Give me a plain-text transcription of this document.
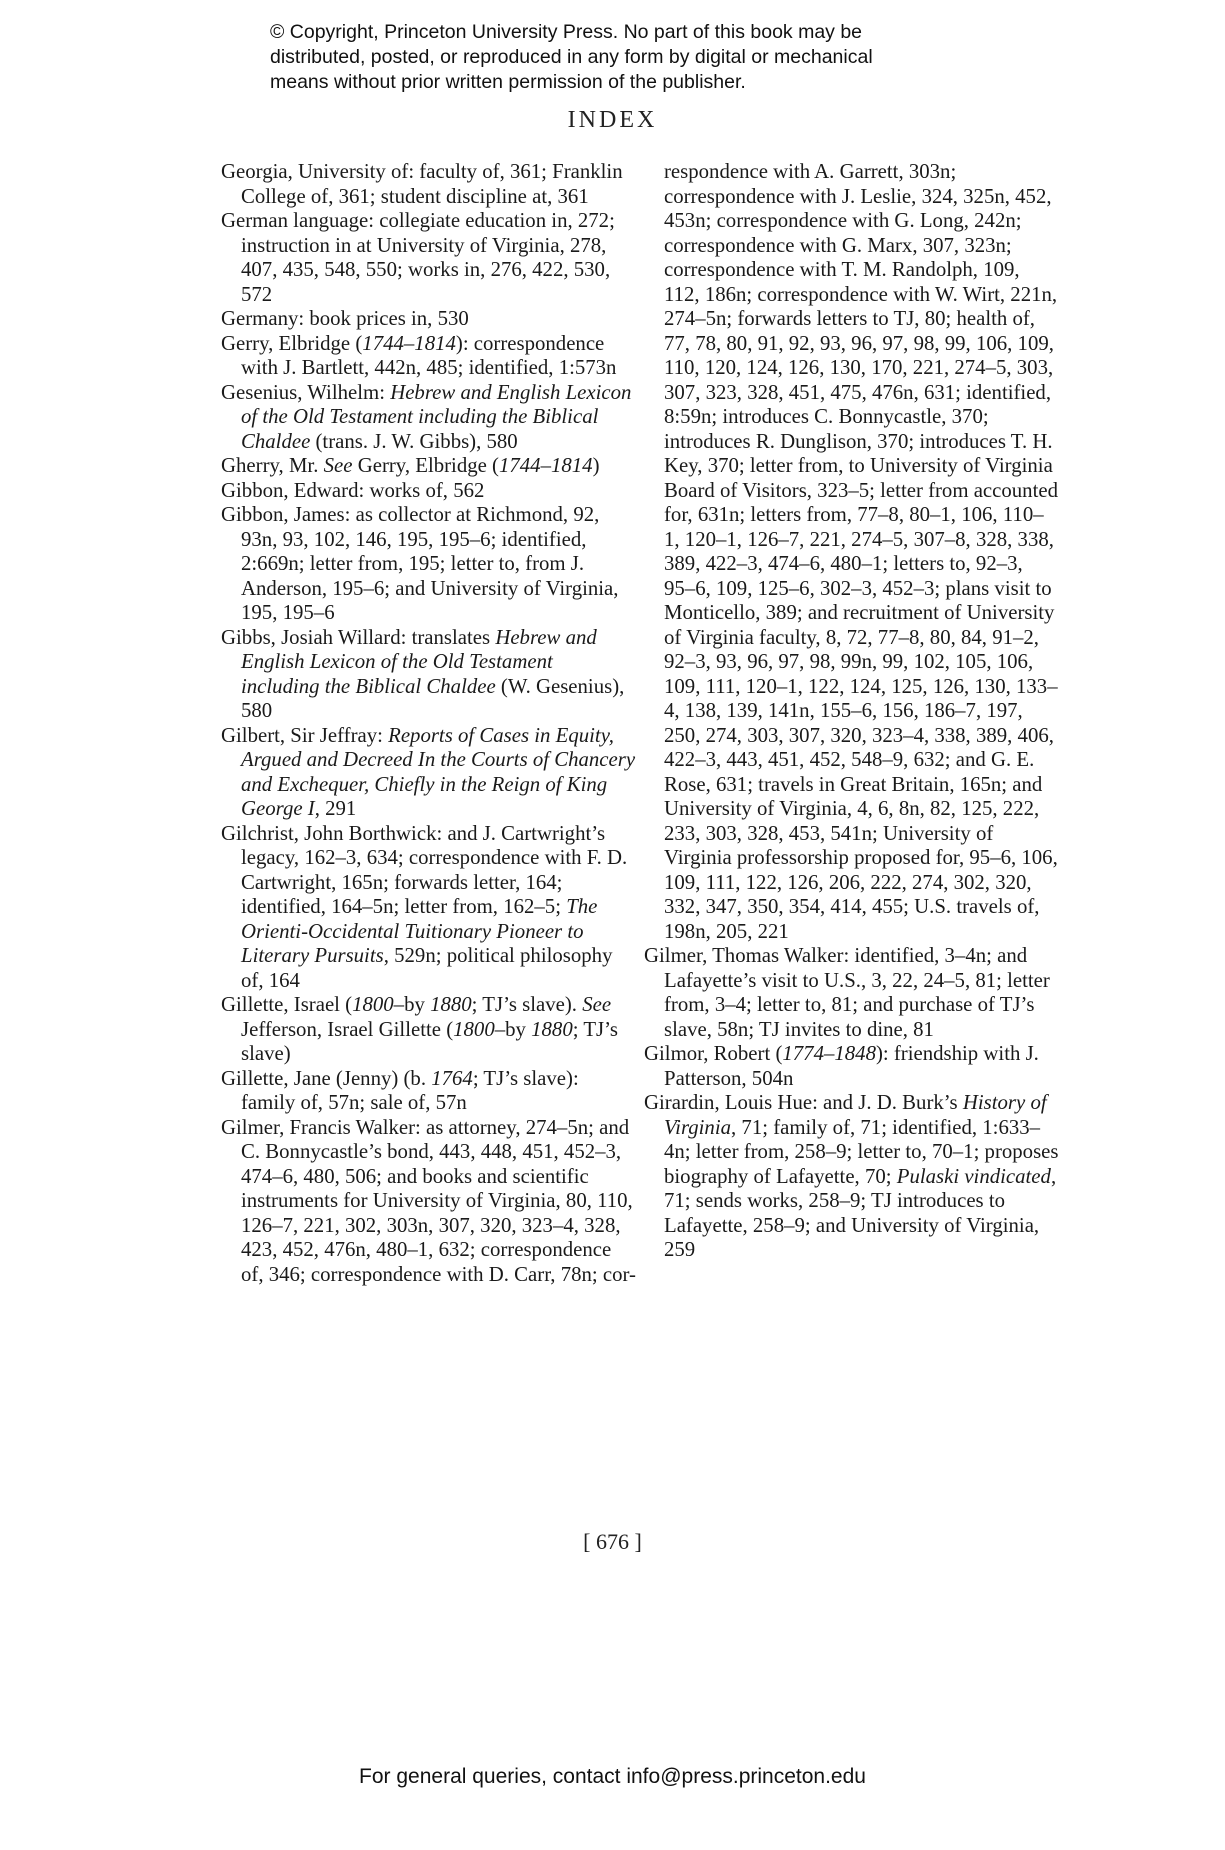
© Copyright, Princeton University Press. No part of this book may be
distributed, posted, or reproduced in any form by digital or mechanical
means without prior written permission of the publisher.
INDEX

Georgia, University of: faculty of, 361; Franklin College of, 361; student discipline at, 361

German language: collegiate education in, 272; instruction in at University of Virginia, 278, 407, 435, 548, 550; works in, 276, 422, 530, 572

Germany: book prices in, 530

Gerry, Elbridge (1744–1814): correspondence with J. Bartlett, 442n, 485; identified, 1:573n

Gesenius, Wilhelm: Hebrew and English Lexicon of the Old Testament including the Biblical Chaldee (trans. J. W. Gibbs), 580

Gherry, Mr. See Gerry, Elbridge (1744–1814)

Gibbon, Edward: works of, 562

Gibbon, James: as collector at Richmond, 92, 93n, 93, 102, 146, 195, 195–6; identified, 2:669n; letter from, 195; letter to, from J. Anderson, 195–6; and University of Virginia, 195, 195–6

Gibbs, Josiah Willard: translates Hebrew and English Lexicon of the Old Testament including the Biblical Chaldee (W. Gesenius), 580

Gilbert, Sir Jeffray: Reports of Cases in Equity, Argued and Decreed In the Courts of Chancery and Exchequer, Chiefly in the Reign of King George I, 291

Gilchrist, John Borthwick: and J. Cartwright’s legacy, 162–3, 634; correspondence with F. D. Cartwright, 165n; forwards letter, 164; identified, 164–5n; letter from, 162–5; The Orienti-Occidental Tuitionary Pioneer to Literary Pursuits, 529n; political philosophy of, 164

Gillette, Israel (1800–by 1880; TJ’s slave). See Jefferson, Israel Gillette (1800–by 1880; TJ’s slave)

Gillette, Jane (Jenny) (b. 1764; TJ’s slave): family of, 57n; sale of, 57n

Gilmer, Francis Walker: as attorney, 274–5n; and C. Bonnycastle’s bond, 443, 448, 451, 452–3, 474–6, 480, 506; and books and scientific instruments for University of Virginia, 80, 110, 126–7, 221, 302, 303n, 307, 320, 323–4, 328, 423, 452, 476n, 480–1, 632; correspondence of, 346; correspondence with D. Carr, 78n; cor-

respondence with A. Garrett, 303n; correspondence with J. Leslie, 324, 325n, 452, 453n; correspondence with G. Long, 242n; correspondence with G. Marx, 307, 323n; correspondence with T. M. Randolph, 109, 112, 186n; correspondence with W. Wirt, 221n, 274–5n; forwards letters to TJ, 80; health of, 77, 78, 80, 91, 92, 93, 96, 97, 98, 99, 106, 109, 110, 120, 124, 126, 130, 170, 221, 274–5, 303, 307, 323, 328, 451, 475, 476n, 631; identified, 8:59n; introduces C. Bonnycastle, 370; introduces R. Dunglison, 370; introduces T. H. Key, 370; letter from, to University of Virginia Board of Visitors, 323–5; letter from accounted for, 631n; letters from, 77–8, 80–1, 106, 110–1, 120–1, 126–7, 221, 274–5, 307–8, 328, 338, 389, 422–3, 474–6, 480–1; letters to, 92–3, 95–6, 109, 125–6, 302–3, 452–3; plans visit to Monticello, 389; and recruitment of University of Virginia faculty, 8, 72, 77–8, 80, 84, 91–2, 92–3, 93, 96, 97, 98, 99n, 99, 102, 105, 106, 109, 111, 120–1, 122, 124, 125, 126, 130, 133–4, 138, 139, 141n, 155–6, 156, 186–7, 197, 250, 274, 303, 307, 320, 323–4, 338, 389, 406, 422–3, 443, 451, 452, 548–9, 632; and G. E. Rose, 631; travels in Great Britain, 165n; and University of Virginia, 4, 6, 8n, 82, 125, 222, 233, 303, 328, 453, 541n; University of Virginia professorship proposed for, 95–6, 106, 109, 111, 122, 126, 206, 222, 274, 302, 320, 332, 347, 350, 354, 414, 455; U.S. travels of, 198n, 205, 221

Gilmer, Thomas Walker: identified, 3–4n; and Lafayette’s visit to U.S., 3, 22, 24–5, 81; letter from, 3–4; letter to, 81; and purchase of TJ’s slave, 58n; TJ invites to dine, 81

Gilmor, Robert (1774–1848): friendship with J. Patterson, 504n

Girardin, Louis Hue: and J. D. Burk’s History of Virginia, 71; family of, 71; identified, 1:633–4n; letter from, 258–9; letter to, 70–1; proposes biography of Lafayette, 70; Pulaski vindicated, 71; sends works, 258–9; TJ introduces to Lafayette, 258–9; and University of Virginia, 259

[ 676 ]
For general queries, contact info@press.princeton.edu
